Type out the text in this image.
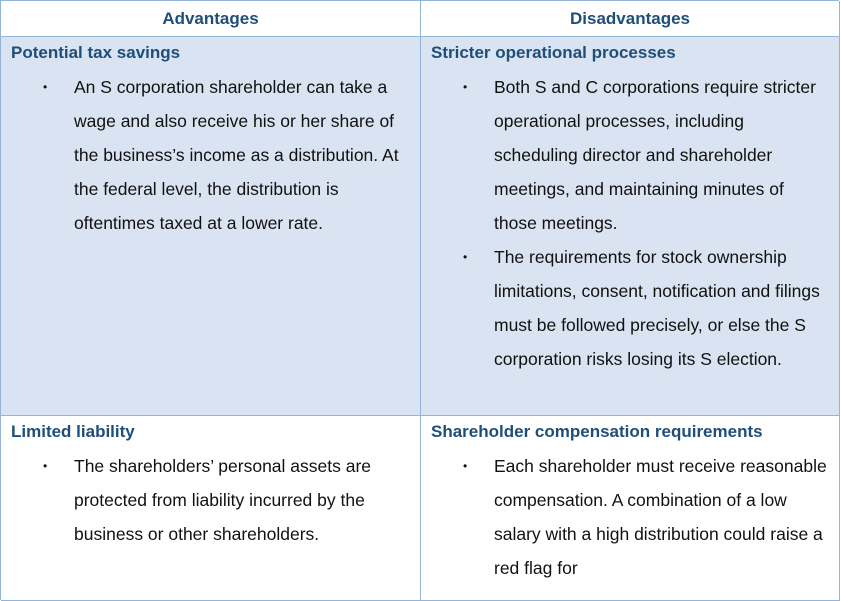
Advantages	Disadvantages
Potential tax savings
• An S corporation shareholder can take a wage and also receive his or her share of the business’s income as a distribution. At the federal level, the distribution is oftentimes taxed at a lower rate.
Stricter operational processes
• Both S and C corporations require stricter operational processes, including scheduling director and shareholder meetings, and maintaining minutes of those meetings.
• The requirements for stock ownership limitations, consent, notification and filings must be followed precisely, or else the S corporation risks losing its S election.
Limited liability
• The shareholders’ personal assets are protected from liability incurred by the business or other shareholders.
Shareholder compensation requirements
• Each shareholder must receive reasonable compensation. A combination of a low salary with a high distribution could raise a red flag for
